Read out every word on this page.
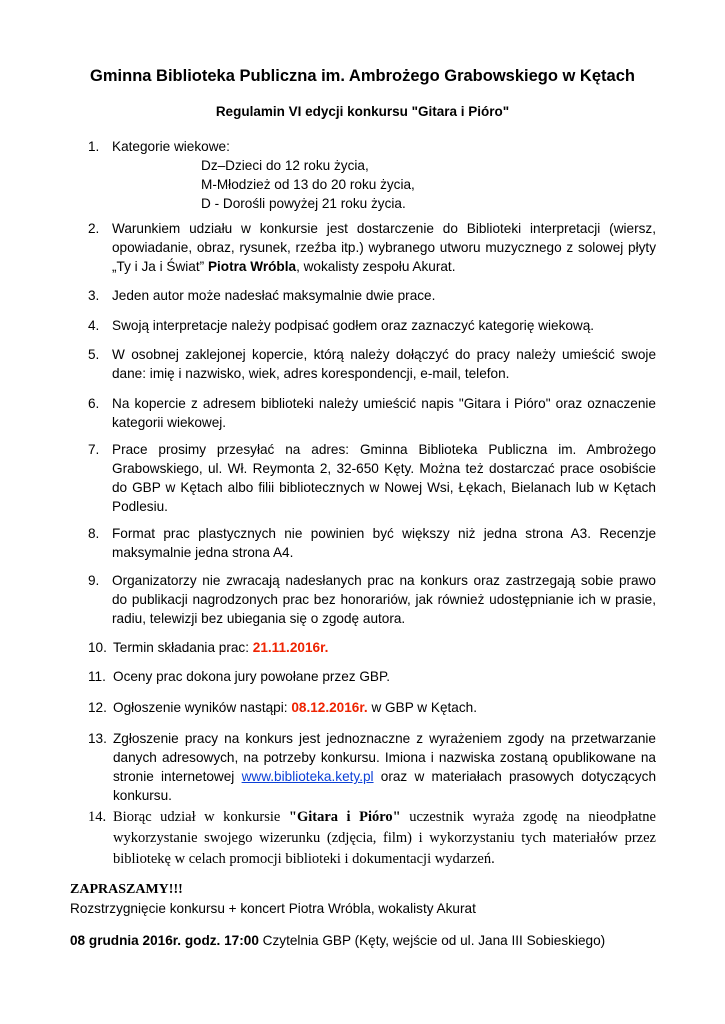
Gminna Biblioteka Publiczna im. Ambrożego Grabowskiego w Kętach
Regulamin VI edycji konkursu "Gitara i Pióro"
1. Kategorie wiekowe:
Dz–Dzieci do 12 roku życia,
M-Młodzież od 13 do 20 roku życia,
D - Dorośli powyżej 21 roku życia.
2. Warunkiem udziału w konkursie jest dostarczenie do Biblioteki interpretacji (wiersz, opowiadanie, obraz, rysunek, rzeźba itp.) wybranego utworu muzycznego z solowej płyty „Ty i Ja i Świat” Piotra Wróbla, wokalisty zespołu Akurat.
3. Jeden autor może nadesłać maksymalnie dwie prace.
4. Swoją interpretacje należy podpisać godłem oraz zaznaczyć kategorię wiekową.
5. W osobnej zaklejonej kopercie, którą należy dołączyć do pracy należy umieścić swoje dane: imię i nazwisko, wiek, adres korespondencji, e-mail, telefon.
6. Na kopercie z adresem biblioteki należy umieścić napis "Gitara i Pióro" oraz oznaczenie kategorii wiekowej.
7. Prace prosimy przesyłać na adres: Gminna Biblioteka Publiczna im. Ambrożego Grabowskiego, ul. Wł. Reymonta 2, 32-650 Kęty. Można też dostarczać prace osobiście do GBP w Kętach albo filii bibliotecznych w Nowej Wsi, Łękach, Bielanach lub w Kętach Podlesiu.
8. Format prac plastycznych nie powinien być większy niż jedna strona A3. Recenzje maksymalnie jedna strona A4.
9. Organizatorzy nie zwracają nadesłanych prac na konkurs oraz zastrzegają sobie prawo do publikacji nagrodzonych prac bez honorariów, jak również udostępnianie ich w prasie, radiu, telewizji bez ubiegania się o zgodę autora.
10. Termin składania prac: 21.11.2016r.
11. Oceny prac dokona jury powołane przez GBP.
12. Ogłoszenie wyników nastąpi: 08.12.2016r. w GBP w Kętach.
13. Zgłoszenie pracy na konkurs jest jednoznaczne z wyrażeniem zgody na przetwarzanie danych adresowych, na potrzeby konkursu. Imiona i nazwiska zostaną opublikowane na stronie internetowej www.biblioteka.kety.pl oraz w materiałach prasowych dotyczących konkursu.
14. Biorąc udział w konkursie "Gitara i Pióro" uczestnik wyraża zgodę na nieodpłatne wykorzystanie swojego wizerunku (zdjęcia, film) i wykorzystaniu tych materiałów przez bibliotekę w celach promocji biblioteki i dokumentacji wydarzeń.
ZAPRASZAMY!!!
Rozstrzygnięcie konkursu + koncert Piotra Wróbla, wokalisty Akurat
08 grudnia 2016r. godz. 17:00 Czytelnia GBP (Kęty, wejście od ul. Jana III Sobieskiego)
